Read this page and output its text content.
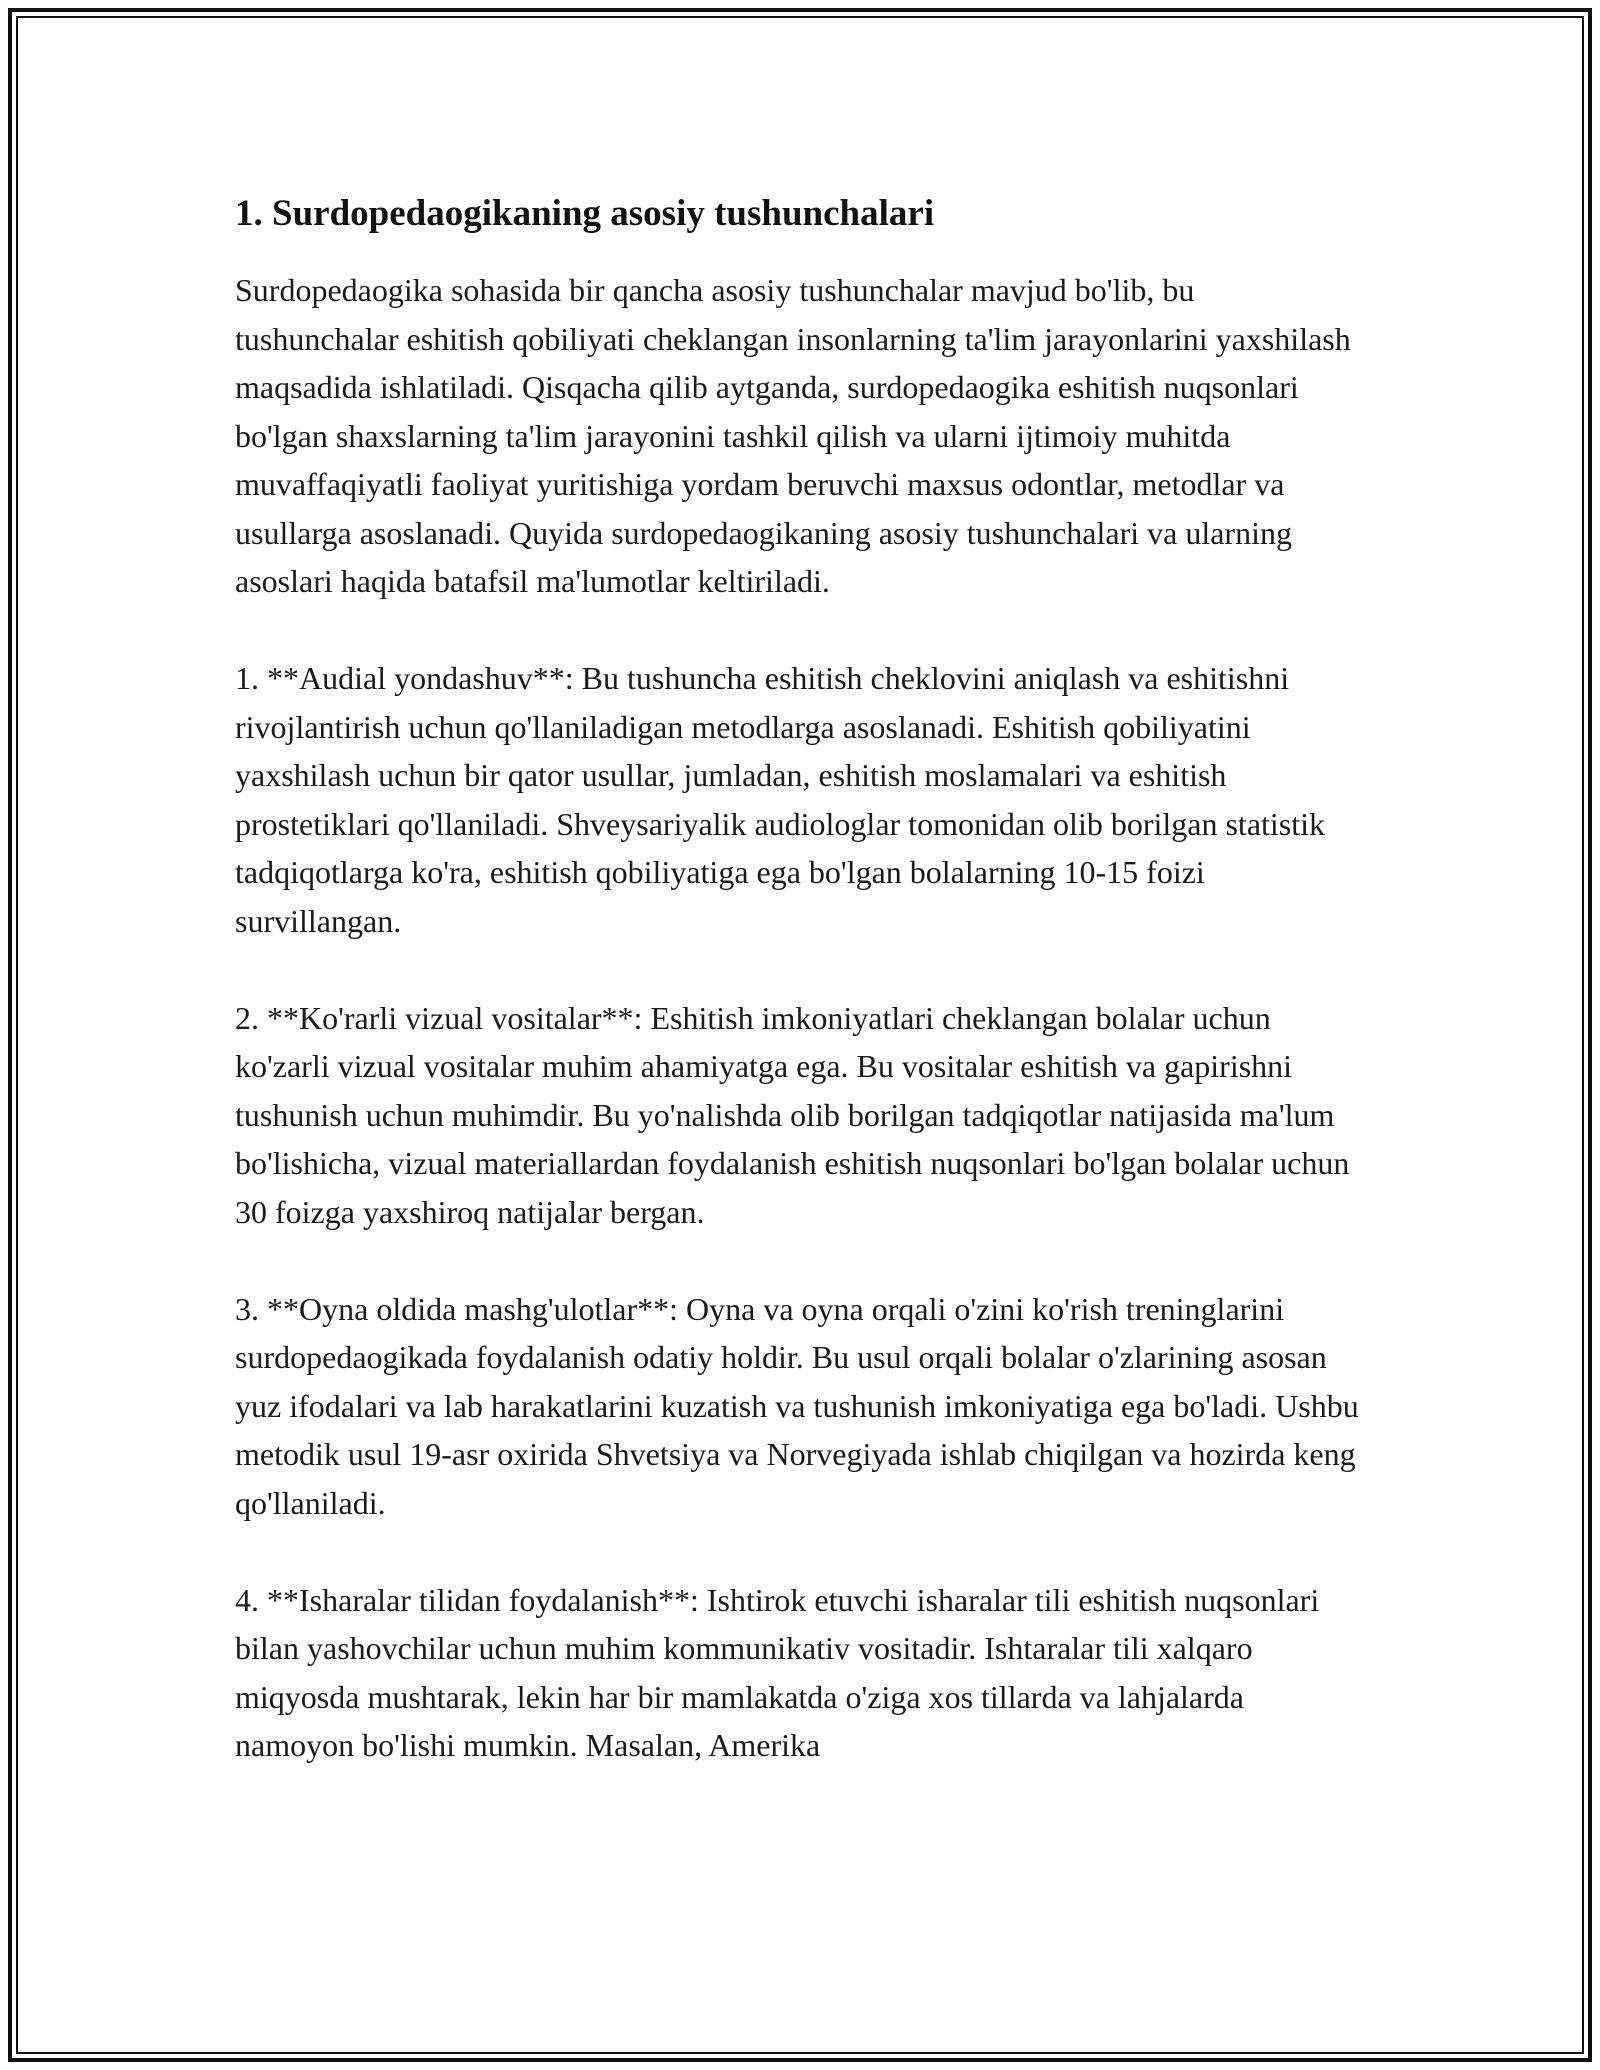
1. Surdopedaogikaning asosiy tushunchalari

Surdopedaogika sohasida bir qancha asosiy tushunchalar mavjud bo'lib, bu tushunchalar eshitish qobiliyati cheklangan insonlarning ta'lim jarayonlarini yaxshilash maqsadida ishlatiladi. Qisqacha qilib aytganda, surdopedaogika eshitish nuqsonlari bo'lgan shaxslarning ta'lim jarayonini tashkil qilish va ularni ijtimoiy muhitda muvaffaqiyatli faoliyat yuritishiga yordam beruvchi maxsus odontlar, metodlar va usullarga asoslanadi. Quyida surdopedaogikaning asosiy tushunchalari va ularning asoslari haqida batafsil ma'lumotlar keltiriladi.

1. **Audial yondashuv**: Bu tushuncha eshitish cheklovini aniqlash va eshitishni rivojlantirish uchun qo'llaniladigan metodlarga asoslanadi. Eshitish qobiliyatini yaxshilash uchun bir qator usullar, jumladan, eshitish moslamalari va eshitish prostetiklari qo'llaniladi. Shveysariyalik audiologlar tomonidan olib borilgan statistik tadqiqotlarga ko'ra, eshitish qobiliyatiga ega bo'lgan bolalarning 10-15 foizi survillangan.

2. **Ko'rarli vizual vositalar**: Eshitish imkoniyatlari cheklangan bolalar uchun ko'zarli vizual vositalar muhim ahamiyatga ega. Bu vositalar eshitish va gapirishni tushunish uchun muhimdir. Bu yo'nalishda olib borilgan tadqiqotlar natijasida ma'lum bo'lishicha, vizual materiallardan foydalanish eshitish nuqsonlari bo'lgan bolalar uchun 30 foizga yaxshiroq natijalar bergan.

3. **Oyna oldida mashg'ulotlar**: Oyna va oyna orqali o'zini ko'rish treninglarini surdopedaogikada foydalanish odatiy holdir. Bu usul orqali bolalar o'zlarining asosan yuz ifodalari va lab harakatlarini kuzatish va tushunish imkoniyatiga ega bo'ladi. Ushbu metodik usul 19-asr oxirida Shvetsiya va Norvegiyada ishlab chiqilgan va hozirda keng qo'llaniladi.

4. **Isharalar tilidan foydalanish**: Ishtirok etuvchi isharalar tili eshitish nuqsonlari bilan yashovchilar uchun muhim kommunikativ vositadir. Ishtaralar tili xalqaro miqyosda mushtarak, lekin har bir mamlakatda o'ziga xos tillarda va lahjalarda namoyon bo'lishi mumkin. Masalan, Amerika
